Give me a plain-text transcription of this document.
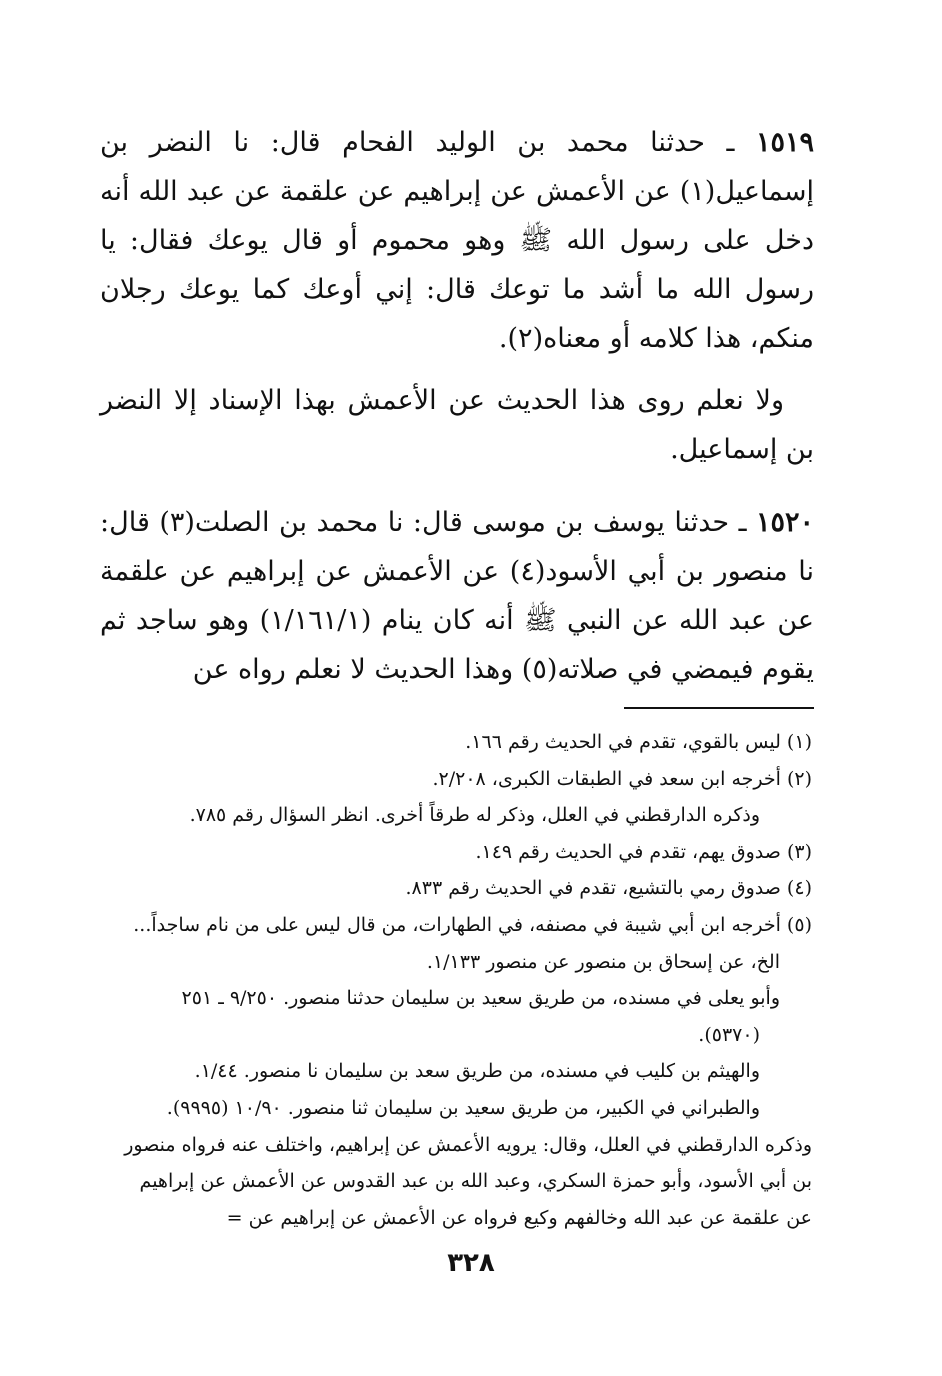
١٥١٩ ـ حدثنا محمد بن الوليد الفحام قال: نا النضر بن إسماعيل(١) عن الأعمش عن إبراهيم عن علقمة عن عبد الله أنه دخل على رسول الله ﷺ وهو محموم أو قال يوعك فقال: يا رسول الله ما أشد ما توعك قال: إني أوعك كما يوعك رجلان منكم، هذا كلامه أو معناه(٢).

ولا نعلم روى هذا الحديث عن الأعمش بهذا الإسناد إلا النضر بن إسماعيل.

١٥٢٠ ـ حدثنا يوسف بن موسى قال: نا محمد بن الصلت(٣) قال: نا منصور بن أبي الأسود(٤) عن الأعمش عن إبراهيم عن علقمة عن عبد الله عن النبي ﷺ أنه كان ينام (١/١٦١/١) وهو ساجد ثم يقوم فيمضي في صلاته(٥) وهذا الحديث لا نعلم رواه عن

(١) ليس بالقوي، تقدم في الحديث رقم ١٦٦.

(٢) أخرجه ابن سعد في الطبقات الكبرى، ٢/٢٠٨.

وذكره الدارقطني في العلل، وذكر له طرقاً أخرى. انظر السؤال رقم ٧٨٥.

(٣) صدوق يهم، تقدم في الحديث رقم ١٤٩.

(٤) صدوق رمي بالتشيع، تقدم في الحديث رقم ٨٣٣.

(٥) أخرجه ابن أبي شيبة في مصنفه، في الطهارات، من قال ليس على من نام ساجداً... الخ، عن إسحاق بن منصور عن منصور ١/١٣٣.

وأبو يعلى في مسنده، من طريق سعيد بن سليمان حدثنا منصور. ٩/٢٥٠ ـ ٢٥١ (٥٣٧٠).

والهيثم بن كليب في مسنده، من طريق سعد بن سليمان نا منصور. ١/٤٤.

والطبراني في الكبير، من طريق سعيد بن سليمان ثنا منصور. ١٠/٩٠ (٩٩٩٥).

وذكره الدارقطني في العلل، وقال: يرويه الأعمش عن إبراهيم، واختلف عنه فرواه منصور بن أبي الأسود، وأبو حمزة السكري، وعبد الله بن عبد القدوس عن الأعمش عن إبراهيم عن علقمة عن عبد الله وخالفهم وكيع فرواه عن الأعمش عن إبراهيم عن =

٣٢٨
